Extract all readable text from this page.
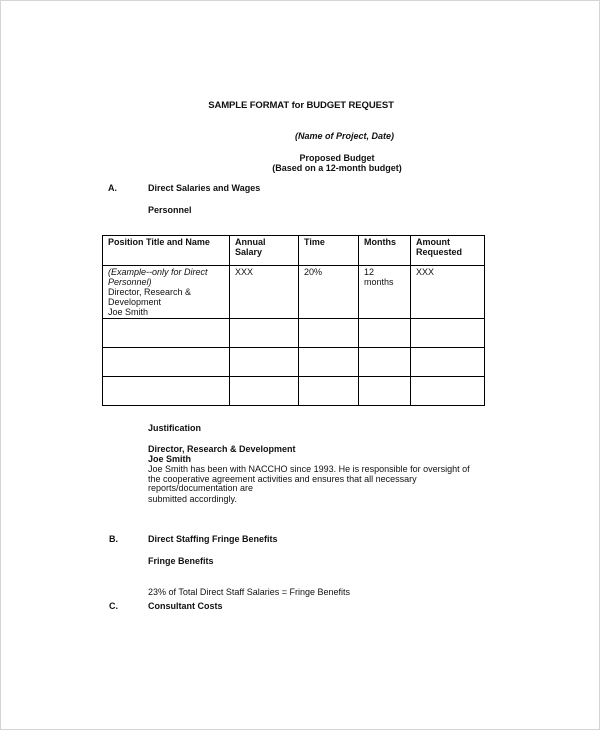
SAMPLE FORMAT for BUDGET REQUEST
(Name of Project, Date)
Proposed Budget
(Based on a 12-month budget)
A.	Direct Salaries and Wages
Personnel
Position Title and Name	Annual Salary	Time	Months	Amount Requested

(Example--only for Direct Personnel)
Director, Research & Development
Joe Smith	XXX	20%	12 months	XXX

Justification
Director, Research & Development
Joe Smith
Joe Smith has been with NACCHO since 1993. He is responsible for oversight of
the cooperative agreement activities and ensures that all necessary
reports/documentation are
submitted accordingly.
B.	Direct Staffing Fringe Benefits
Fringe Benefits
23% of Total Direct Staff Salaries = Fringe Benefits
C.	Consultant Costs
